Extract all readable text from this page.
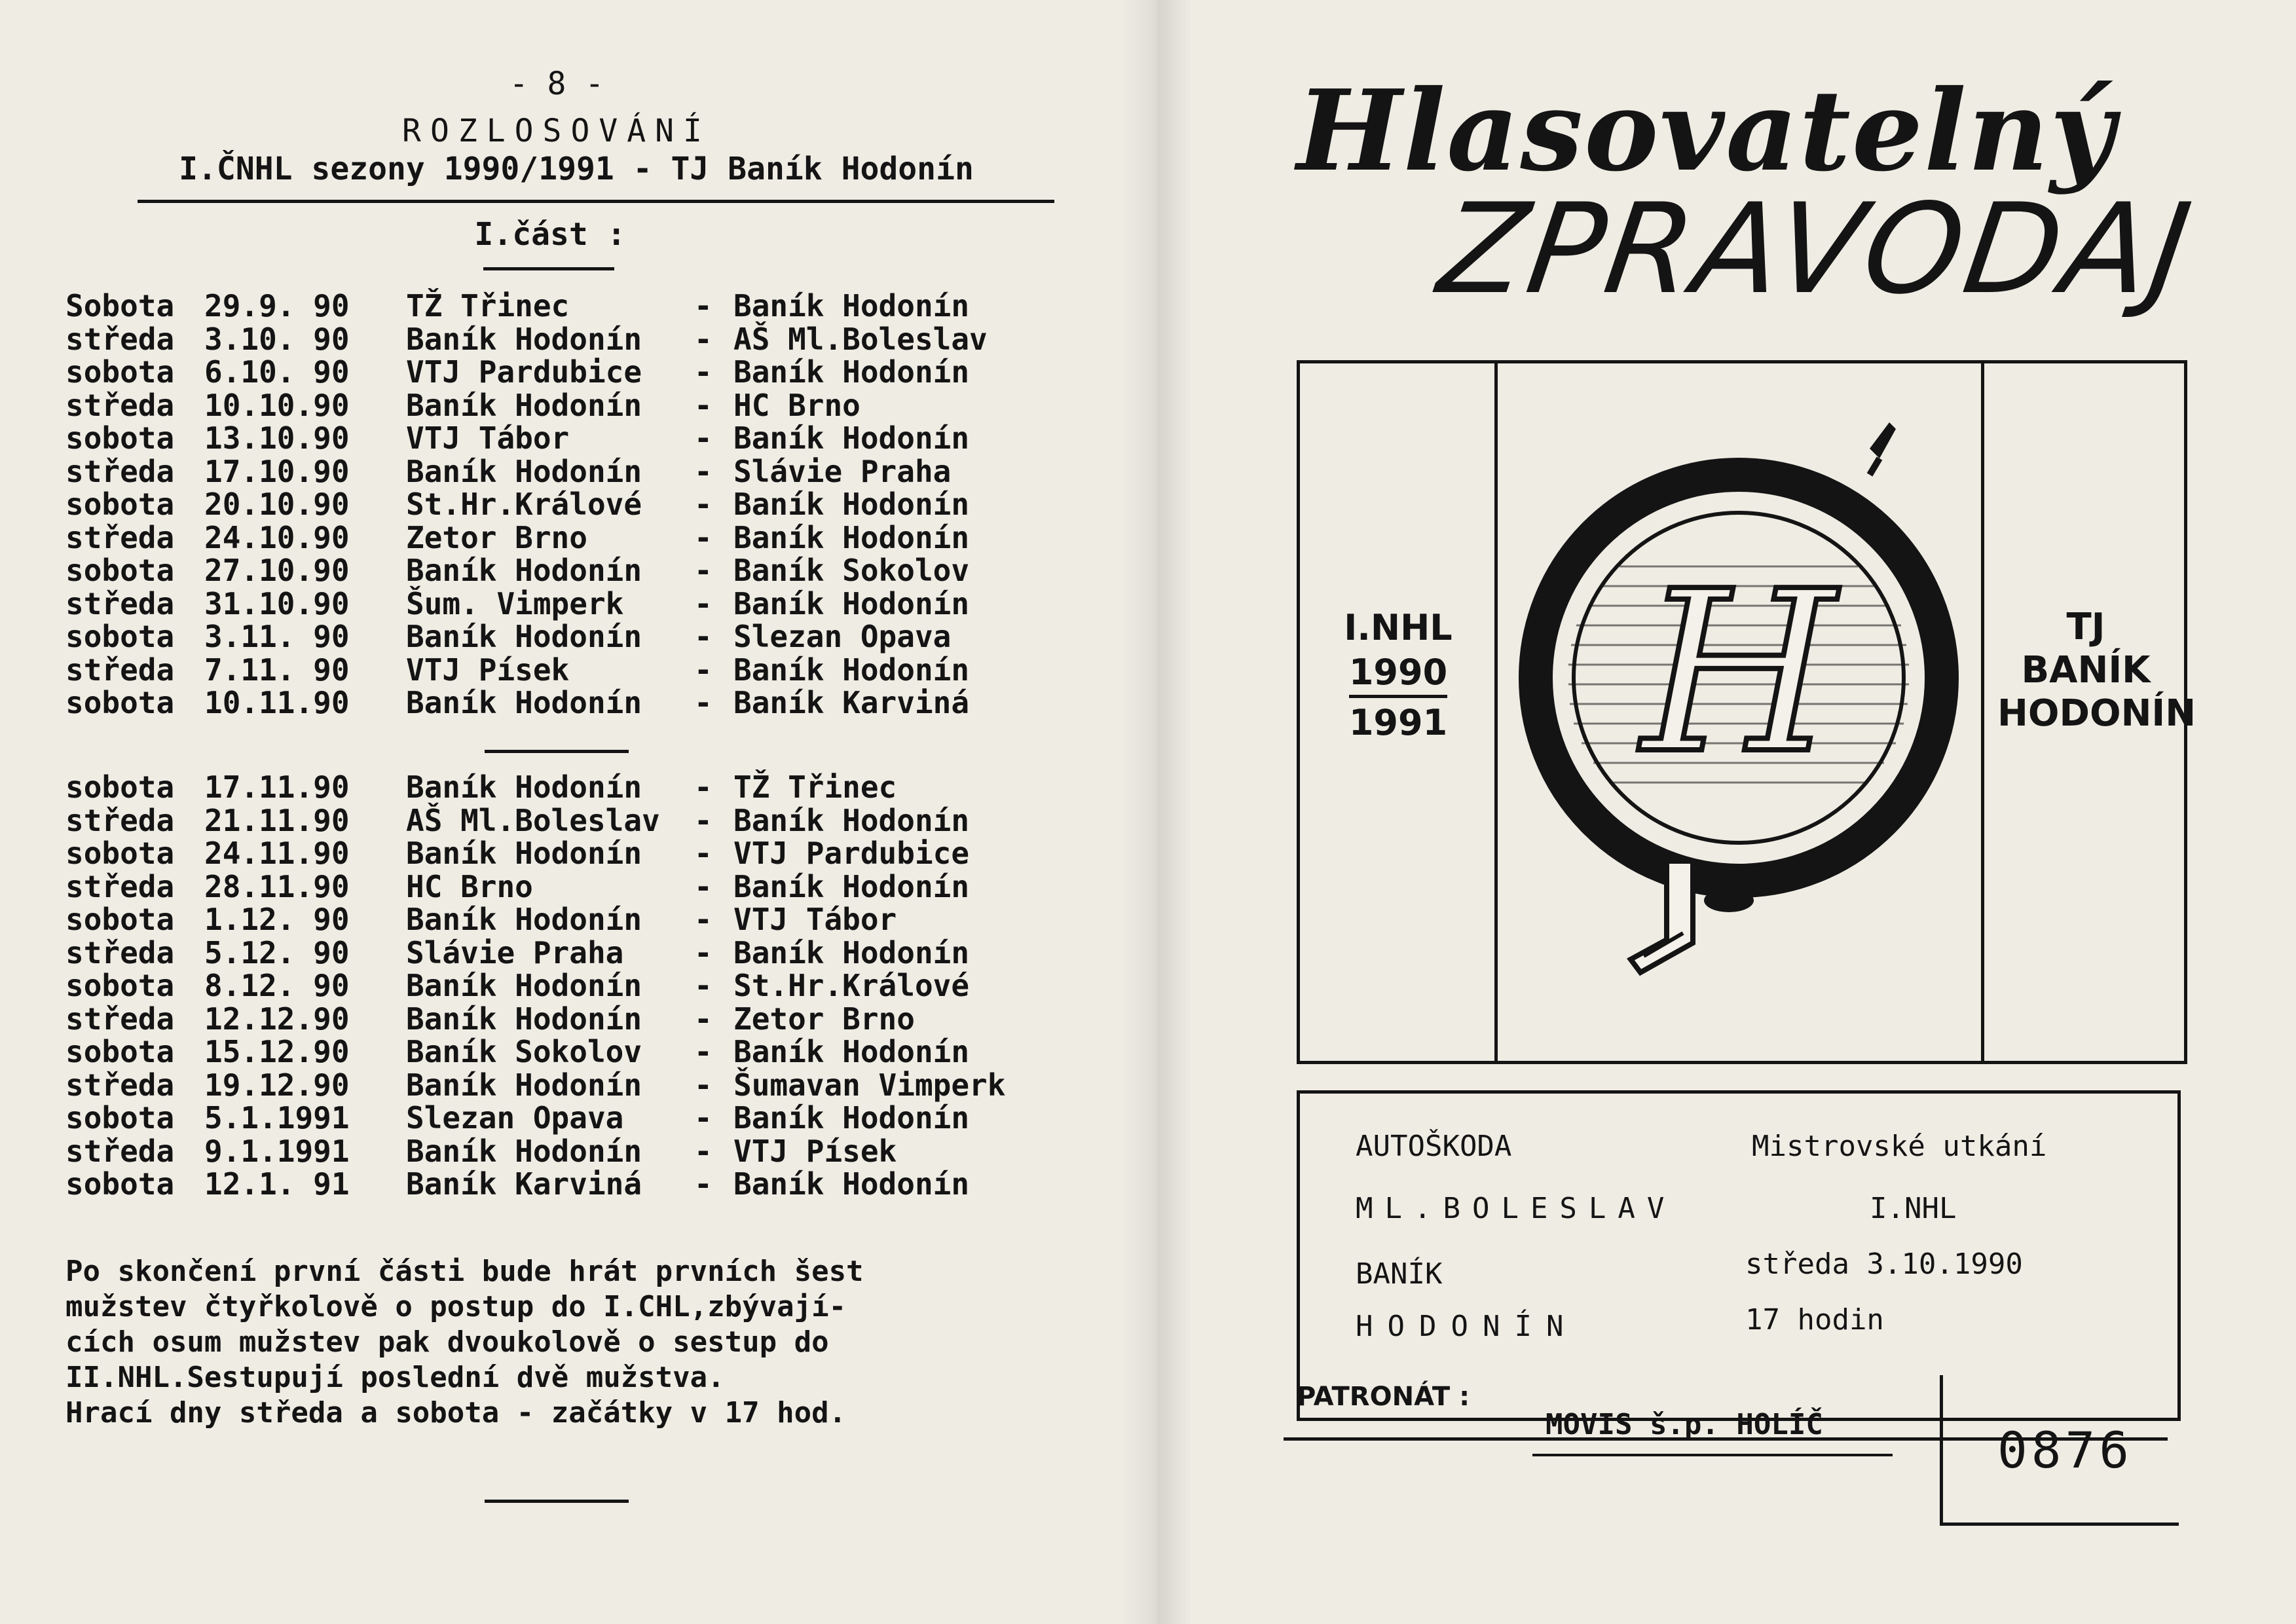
- 8 -
ROZLOSOVÁNÍ
I.ČNHL sezony 1990/1991 - TJ Baník Hodonín
I.část :
Sobota 29.9. 90 TŽ Třinec	- Baník Hodonín
středa 3.10. 90 Baník Hodonín - AŠ Ml.Boleslav
sobota 6.10. 90 VTJ Pardubice - Baník Hodonín
středa 10.10.90 Baník Hodonín - HC Brno
sobota 13.10.90 VTJ Tábor	- Baník Hodonín
středa 17.10.90 Baník Hodonín - Slávie Praha
sobota 20.10.90 St.Hr.Králové - Baník Hodonín
středa 24.10.90 Zetor Brno	- Baník Hodonín
sobota 27.10.90 Baník Hodonín - Baník Sokolov
středa 31.10.90 Šum. Vimperk - Baník Hodonín
sobota 3.11. 90 Baník Hodonín - Slezan Opava
středa 7.11. 90 VTJ Písek	- Baník Hodonín
sobota 10.11.90 Baník Hodonín - Baník Karviná
sobota 17.11.90 Baník Hodonín - TŽ Třinec
středa 21.11.90 AŠ Ml.Boleslav - Baník Hodonín
sobota 24.11.90 Baník Hodonín - VTJ Pardubice
středa 28.11.90 HC Brno	- Baník Hodonín
sobota 1.12. 90 Baník Hodonín - VTJ Tábor
středa 5.12. 90 Slávie Praha - Baník Hodonín
sobota 8.12. 90 Baník Hodonín - St.Hr.Králové
středa 12.12.90 Baník Hodonín - Zetor Brno
sobota 15.12.90 Baník Sokolov - Baník Hodonín
středa 19.12.90 Baník Hodonín - Šumavan Vimperk
sobota 5.1.1991 Slezan Opava - Baník Hodonín
středa 9.1.1991 Baník Hodonín - VTJ Písek
sobota 12.1. 91 Baník Karviná - Baník Hodonín
Po skončení první části bude hrát prvních šest
mužstev čtyřkolově o postup do I.CHL,zbývají-
cích osum mužstev pak dvoukolově o sestup do
II.NHL.Sestupují poslední dvě mužstva.
Hrací dny středa a sobota - začátky v 17 hod.
Hlasovatelný
ZPRAVODAJ
I.NHL
1990
1991 H	TJ
BANÍK
HODONÍN
AUTOŠKODA
ML.BOLESLAV
Mistrovské utkání
I.NHL
BANÍK
HODONÍN
středa 3.10.1990
17 hodin
PATRONÁT :
MOVIS š.p. HOLÍČ	0876
